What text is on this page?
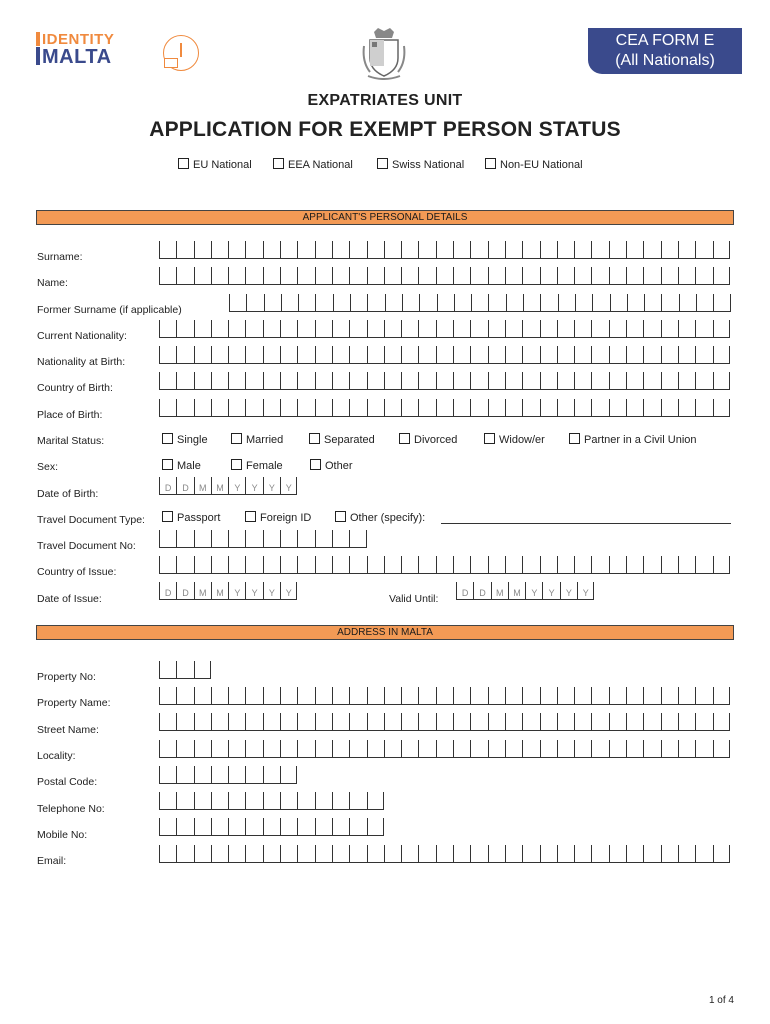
IDENTITY
MALTA
CEA FORM E
(All Nationals)
EXPATRIATES UNIT
APPLICATION FOR EXEMPT PERSON STATUS
EU National	EEA National	Swiss National	Non-EU National
APPLICANT'S PERSONAL DETAILS
Surname:
Name:
Former Surname (if applicable)
Current Nationality:
Nationality at Birth:
Country of Birth:
Place of Birth:
Marital Status:	Single	Married	Separated	Divorced	Widow/er	Partner in a Civil Union
Sex:	Male	Female	Other
Date of Birth:	D	D	M	M	Y	Y	Y	Y
Travel Document Type:	Passport	Foreign ID	Other (specify):
Travel Document No:
Country of Issue:
Date of Issue:	D	D	M	M	Y	Y	Y	Y	Valid Until:	D	D	M	M	Y	Y	Y	Y
ADDRESS IN MALTA
Property No:
Property Name:
Street Name:
Locality:
Postal Code:
Telephone No:
Mobile No:
Email:
1 of 4
